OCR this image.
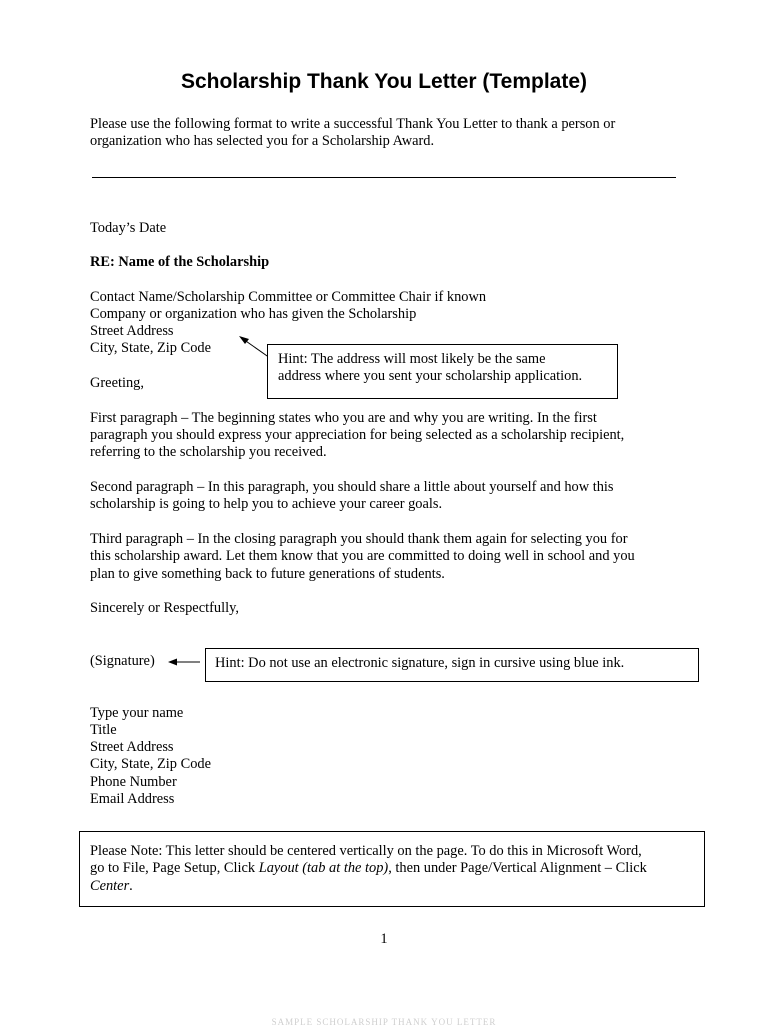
Scholarship Thank You Letter (Template)

Please use the following format to write a successful Thank You Letter to thank a person or

organization who has selected you for a Scholarship Award.

Today’s Date

RE: Name of the Scholarship

Contact Name/Scholarship Committee or Committee Chair if known

Company or organization who has given the Scholarship

Street Address

City, State, Zip Code

Greeting,

Hint: The address will most likely be the same

address where you sent your scholarship application.

First paragraph – The beginning states who you are and why you are writing. In the first

paragraph you should express your appreciation for being selected as a scholarship recipient,

referring to the scholarship you received.

Second paragraph – In this paragraph, you should share a little about yourself and how this

scholarship is going to help you to achieve your career goals.

Third paragraph – In the closing paragraph you should thank them again for selecting you for

this scholarship award. Let them know that you are committed to doing well in school and you

plan to give something back to future generations of students.

Sincerely or Respectfully,

(Signature)	Hint: Do not use an electronic signature, sign in cursive using blue ink.

Type your name

Title

Street Address

City, State, Zip Code

Phone Number

Email Address

Please Note: This letter should be centered vertically on the page. To do this in Microsoft Word,

go to File, Page Setup, Click Layout (tab at the top), then under Page/Vertical Alignment – Click

Center.

1
SAMPLE SCHOLARSHIP THANK YOU LETTER
